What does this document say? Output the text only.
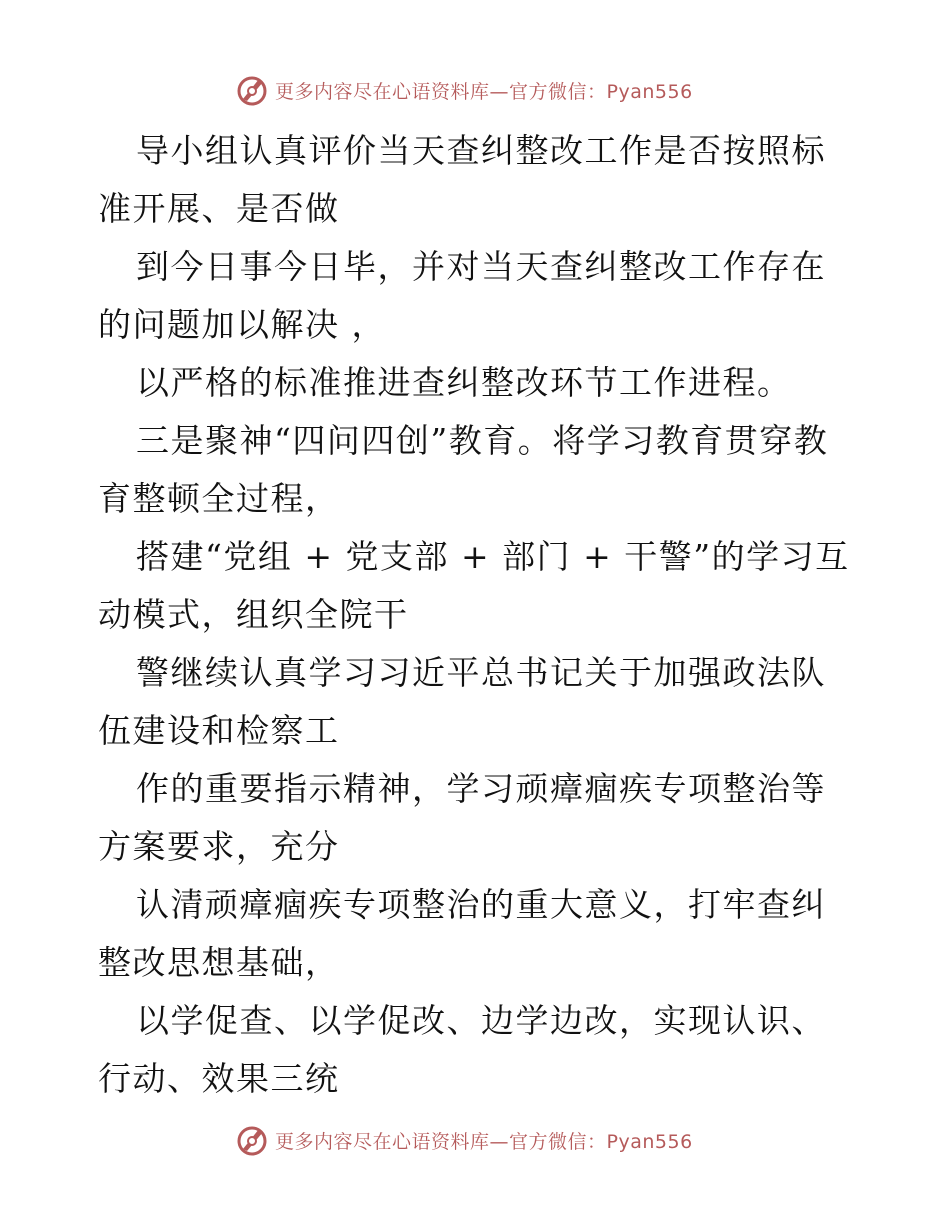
更多内容尽在心语资料库—官方微信：Pyan556

导小组认真评价当天查纠整改工作是否按照标准开展、是否做

到今日事今日毕，并对当天查纠整改工作存在的问题加以解决 ，

以严格的标准推进查纠整改环节工作进程。

三是聚神“四问四创”教育。将学习教育贯穿教育整顿全过程，

搭建“党组 + 党支部 + 部门 + 干警”的学习互动模式，组织全院干

警继续认真学习习近平总书记关于加强政法队伍建设和检察工

作的重要指示精神，学习顽瘴痼疾专项整治等方案要求，充分

认清顽瘴痼疾专项整治的重大意义，打牢查纠整改思想基础，

以学促查、以学促改、边学边改，实现认识、行动、效果三统

更多内容尽在心语资料库—官方微信：Pyan556
